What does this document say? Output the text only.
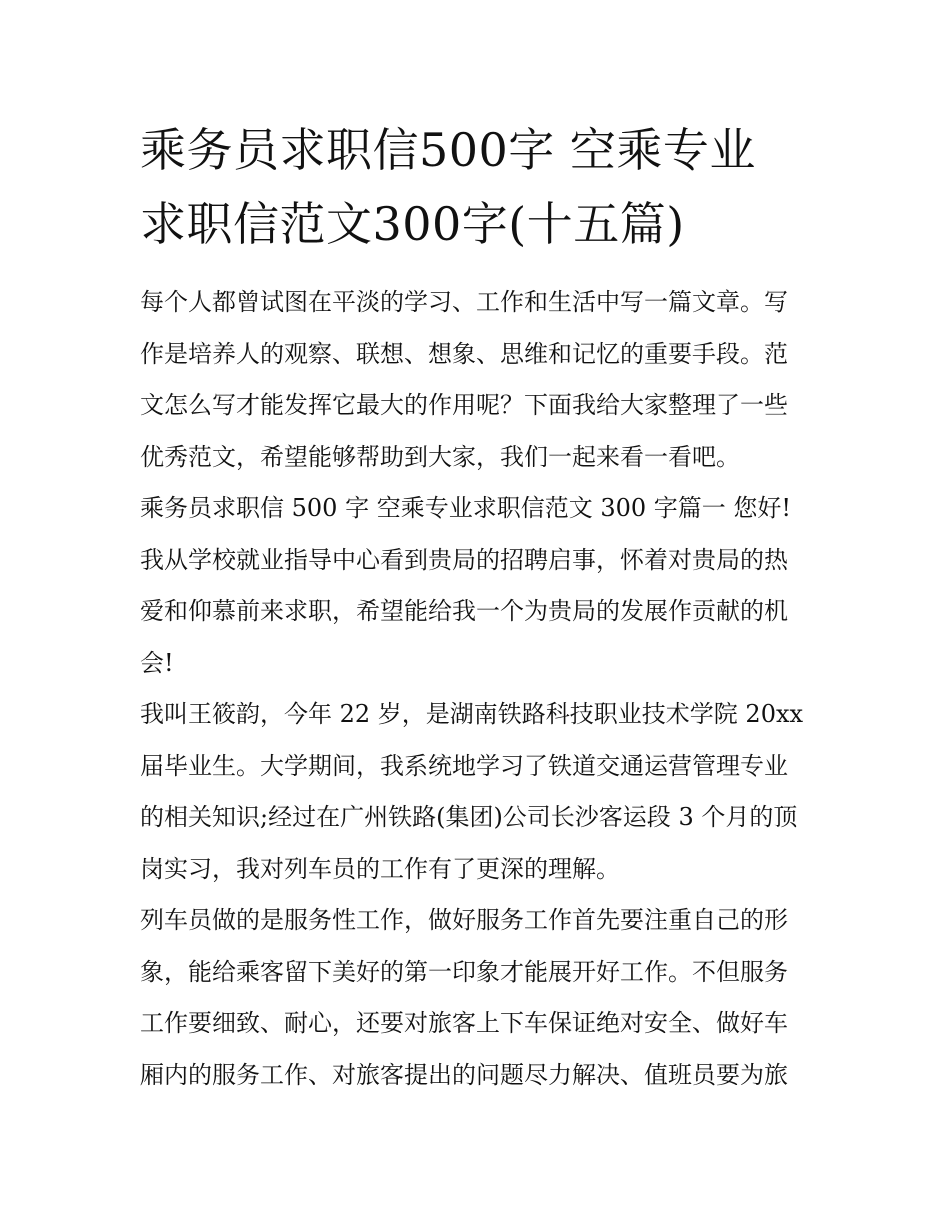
乘务员求职信500字 空乘专业
求职信范文300字(十五篇)
每个人都曾试图在平淡的学习、工作和生活中写一篇文章。写
作是培养人的观察、联想、想象、思维和记忆的重要手段。范
文怎么写才能发挥它最大的作用呢？下面我给大家整理了一些
优秀范文，希望能够帮助到大家，我们一起来看一看吧。
乘务员求职信 500 字 空乘专业求职信范文 300 字篇一 您好!
我从学校就业指导中心看到贵局的招聘启事，怀着对贵局的热
爱和仰慕前来求职，希望能给我一个为贵局的发展作贡献的机
会!
我叫王筱韵，今年 22 岁，是湖南铁路科技职业技术学院 20xx
届毕业生。大学期间，我系统地学习了铁道交通运营管理专业
的相关知识;经过在广州铁路(集团)公司长沙客运段 3 个月的顶
岗实习，我对列车员的工作有了更深的理解。
列车员做的是服务性工作，做好服务工作首先要注重自己的形
象，能给乘客留下美好的第一印象才能展开好工作。不但服务
工作要细致、耐心，还要对旅客上下车保证绝对安全、做好车
厢内的服务工作、对旅客提出的问题尽力解决、值班员要为旅
